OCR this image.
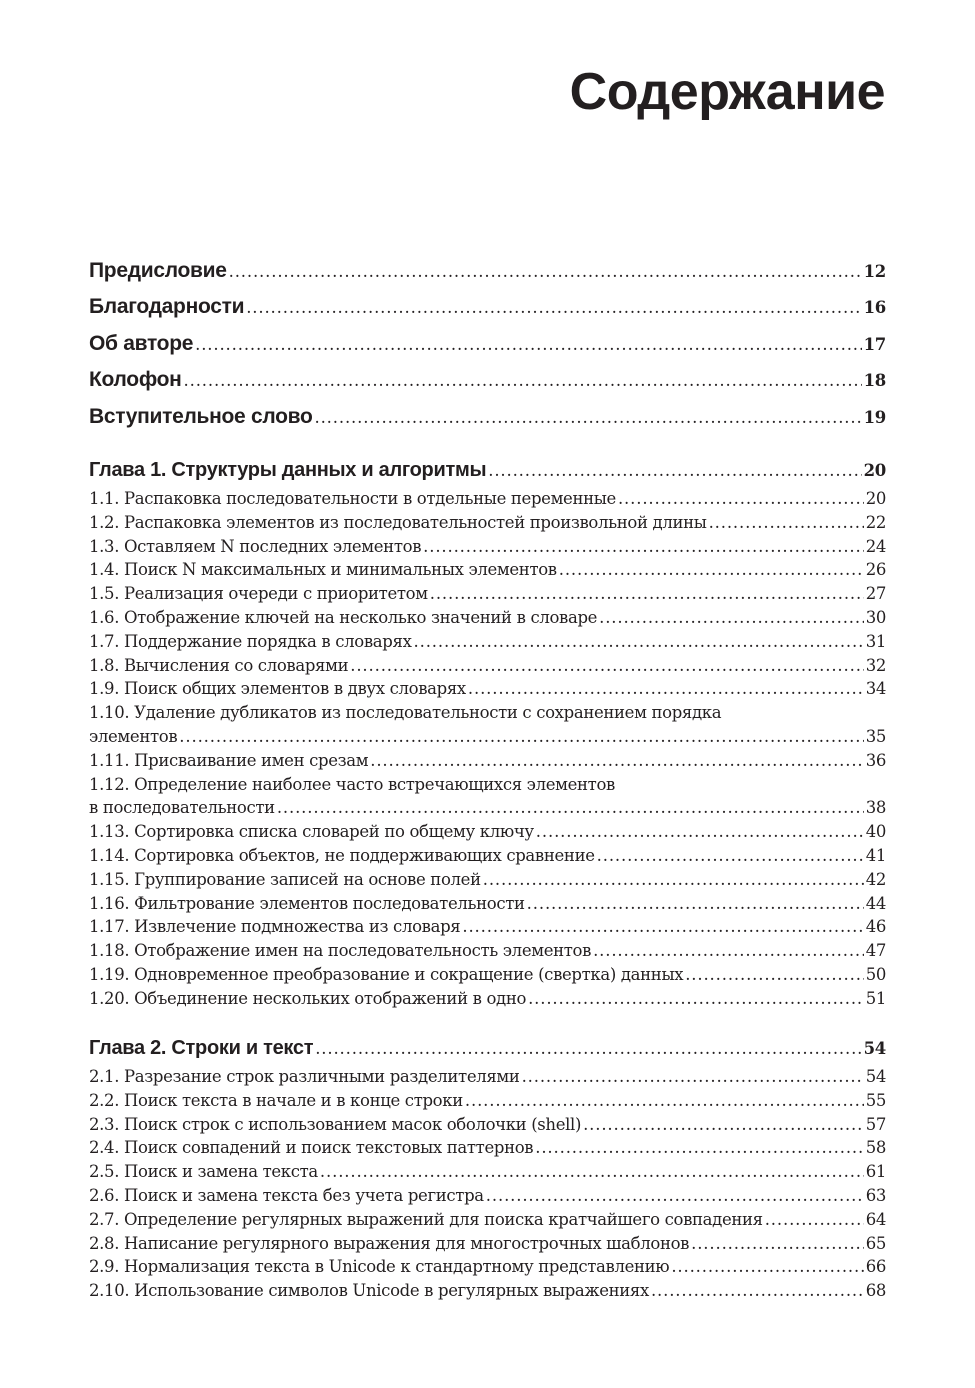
Содержание
Предисловие . . .	12
Благодарности . . .	16
Об авторе . . .	17
Колофон . . .	18
Вступительное слово . . .	19
Глава 1. Структуры данных и алгоритмы . . .	20
1.1. Распаковка последовательности в отдельные переменные . . .	20
1.2. Распаковка элементов из последовательностей произвольной длины . . .	22
1.3. Оставляем N последних элементов . . .	24
1.4. Поиск N максимальных и минимальных элементов . . .	26
1.5. Реализация очереди с приоритетом . . .	27
1.6. Отображение ключей на несколько значений в словаре . . .	30
1.7. Поддержание порядка в словарях . . .	31
1.8. Вычисления со словарями . . .	32
1.9. Поиск общих элементов в двух словарях . . .	34
1.10. Удаление дубликатов из последовательности с сохранением порядка
элементов . . .	35
1.11. Присваивание имен срезам . . .	36
1.12. Определение наиболее часто встречающихся элементов
в последовательности . . .	38
1.13. Сортировка списка словарей по общему ключу . . .	40
1.14. Сортировка объектов, не поддерживающих сравнение . . .	41
1.15. Группирование записей на основе полей . . .	42
1.16. Фильтрование элементов последовательности . . .	44
1.17. Извлечение подмножества из словаря . . .	46
1.18. Отображение имен на последовательность элементов . . .	47
1.19. Одновременное преобразование и сокращение (свертка) данных . . .	50
1.20. Объединение нескольких отображений в одно . . .	51
Глава 2. Строки и текст . . .	54
2.1. Разрезание строк различными разделителями . . .	54
2.2. Поиск текста в начале и в конце строки . . .	55
2.3. Поиск строк с использованием масок оболочки (shell) . . .	57
2.4. Поиск совпадений и поиск текстовых паттернов . . .	58
2.5. Поиск и замена текста . . .	61
2.6. Поиск и замена текста без учета регистра . . .	63
2.7. Определение регулярных выражений для поиска кратчайшего совпадения . . .	64
2.8. Написание регулярного выражения для многострочных шаблонов . . .	65
2.9. Нормализация текста в Unicode к стандартному представлению . . .	66
2.10. Использование символов Unicode в регулярных выражениях . . .	68
